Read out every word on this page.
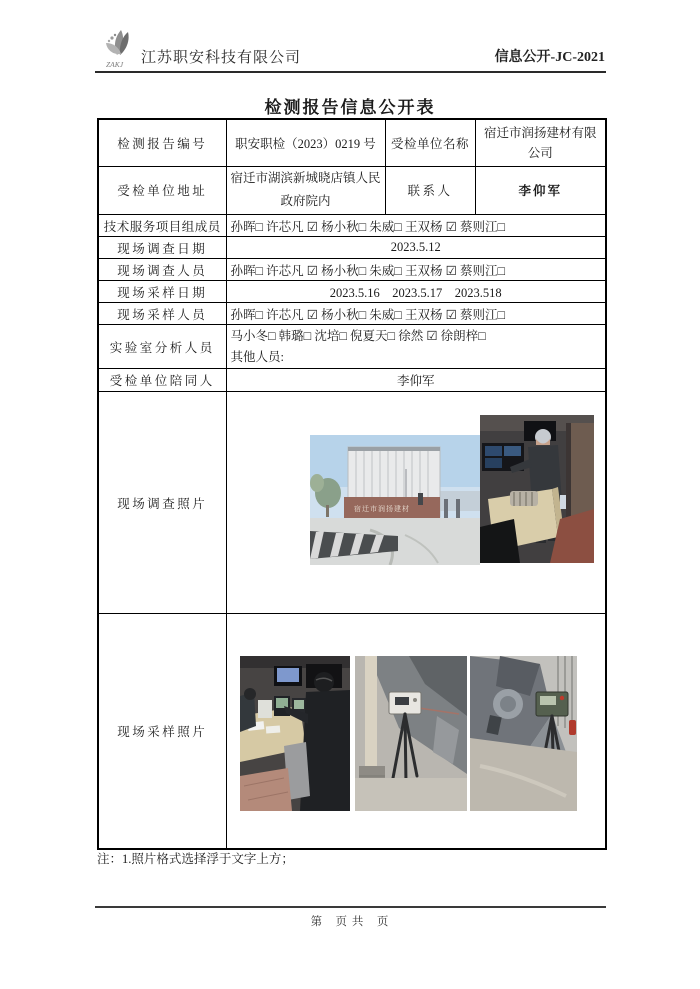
ZAKJ 江苏职安科技有限公司	信息公开-JC-2021
检测报告信息公开表
检测报告编号	职安职检（2023）0219 号	受检单位名称	宿迁市润扬建材有限公司
受检单位地址	宿迁市湖滨新城晓店镇人民政府院内	联系人	李仰军
技术服务项目组成员	孙晖□ 许芯凡 ☑ 杨小秋□ 朱威□ 王双杨 ☑ 蔡则江□		
现场调查日期	2023.5.12		
现场调查人员	孙晖□ 许芯凡 ☑ 杨小秋□ 朱威□ 王双杨 ☑ 蔡则江□		
现场采样日期	2023.5.16　2023.5.17　2023.518		
现场采样人员	孙晖□ 许芯凡 ☑ 杨小秋□ 朱威□ 王双杨 ☑ 蔡则江□		
实验室分析人员	马小冬□ 韩璐□ 沈培□ 倪夏天□ 徐然 ☑ 徐朗梓□
其他人员:		

受检单位陪同人	李仰军		
现场调查照片	宿迁市润扬建材		

现场采样照片	
注：1.照片格式选择浮于文字上方；
第　页 共　页
